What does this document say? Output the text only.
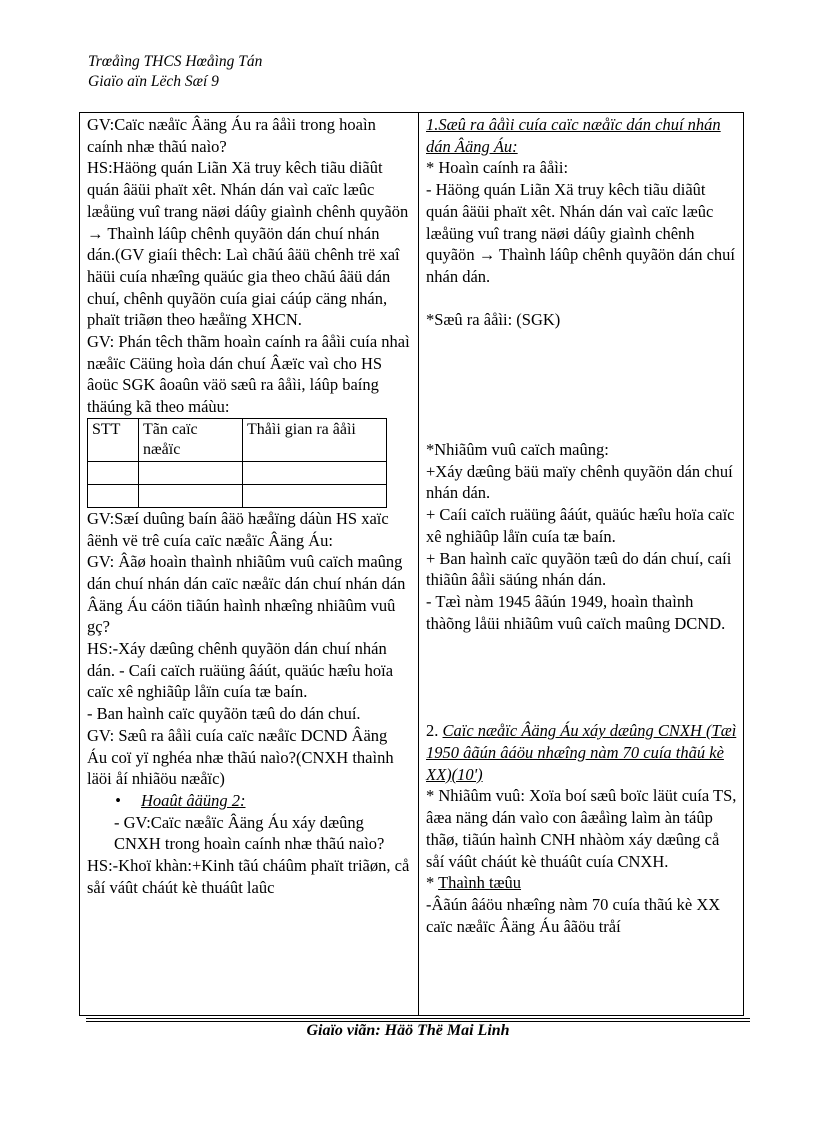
Trœåìng THCS Hœåìng Tán
Giaïo aïn Lëch Sæí 9
GV:Caïc næåïc Âäng Áu ra âåìi trong hoaìn caính nhæ thãú naìo?
HS:Häöng quán Liãn Xä truy kêch tiãu diãût quán âäüi phaït xêt. Nhán dán vaì caïc læûc læåüng vuî trang näøi dáûy giaình chênh quyãön → Thaình láûp chênh quyãön dán chuí nhán dán.(GV giaíi thêch: Laì chãú âäü chênh trë xaî häüi cuía nhæîng quäúc gia theo chãú âäü dán chuí, chênh quyãön cuía giai cáúp cäng nhán, phaït triãøn theo hæåïng XHCN.
GV: Phán têch thãm hoaìn caính ra âåìi cuía nhaì næåïc Cäüng hoìa dán chuí Âæïc vaì cho HS âoüc SGK âoaûn väö sæû ra âåìi, láûp baíng thäúng kã theo máùu:
STT	Tãn caïc næåïc	Thåìi gian ra âåìi

GV:Sæí duûng baín âäö hæåïng dáùn HS xaïc âënh vë trê cuía caïc næåïc Âäng Áu:
GV: Âãø hoaìn thaình nhiãûm vuû caïch maûng dán chuí nhán dán caïc næåïc dán chuí nhán dán Âäng Áu cáön tiãún haình nhæîng nhiãûm vuû gç?
HS:-Xáy dæûng chênh quyãön dán chuí nhán dán. - Caíi caïch ruäüng âáút, quäúc hæîu hoïa caïc xê nghiãûp låïn cuía tæ baín.
- Ban haình caïc quyãön tæû do dán chuí.
GV: Sæû ra âåìi cuía caïc næåïc DCND Âäng Áu coï yï nghéa nhæ thãú naìo?(CNXH thaình läöi åí nhiãöu næåïc)
• Hoaût âäüng 2:
- GV:Caïc næåïc Âäng Áu xáy dæûng CNXH trong hoaìn caính nhæ thãú naìo?
HS:-Khoï khàn:+Kinh tãú cháûm phaït triãøn, cå såí váût cháút kè thuáût laûc
1.Sæû ra âåìi cuía caïc næåïc dán chuí nhán dán Âäng Áu:
* Hoaìn caính ra âåìi:
- Häöng quán Liãn Xä truy kêch tiãu diãût quán âäüi phaït xêt. Nhán dán vaì caïc læûc læåüng vuî trang näøi dáûy giaình chênh quyãön → Thaình láûp chênh quyãön dán chuí nhán dán.
*Sæû ra âåìi: (SGK)
*Nhiãûm vuû caïch maûng:
+Xáy dæûng bäü maïy chênh quyãön dán chuí nhán dán.
+ Caíi caïch ruäüng âáút, quäúc hæîu hoïa caïc xê nghiãûp låïn cuía tæ baín.
+ Ban haình caïc quyãön tæû do dán chuí, caíi thiãûn âåìi säúng nhán dán.
- Tæì nàm 1945 âãún 1949, hoaìn thaình thàõng låüi nhiãûm vuû caïch maûng DCND.
2. Caïc næåïc Âäng Áu xáy dæûng CNXH (Tæì 1950 âãún âáöu nhæîng nàm 70 cuía thãú kè XX)(10')
* Nhiãûm vuû: Xoïa boí sæû boïc läüt cuía TS, âæa näng dán vaìo con âæåìng laìm àn táûp thãø, tiãún haình CNH nhàòm xáy dæûng cå såí váût cháút kè thuáût cuía CNXH.
* Thaình tæûu
-Âãún âáöu nhæîng nàm 70 cuía thãú kè XX caïc næåïc Âäng Áu âãöu tråí
Giaïo viãn: Häö Thë Mai Linh
